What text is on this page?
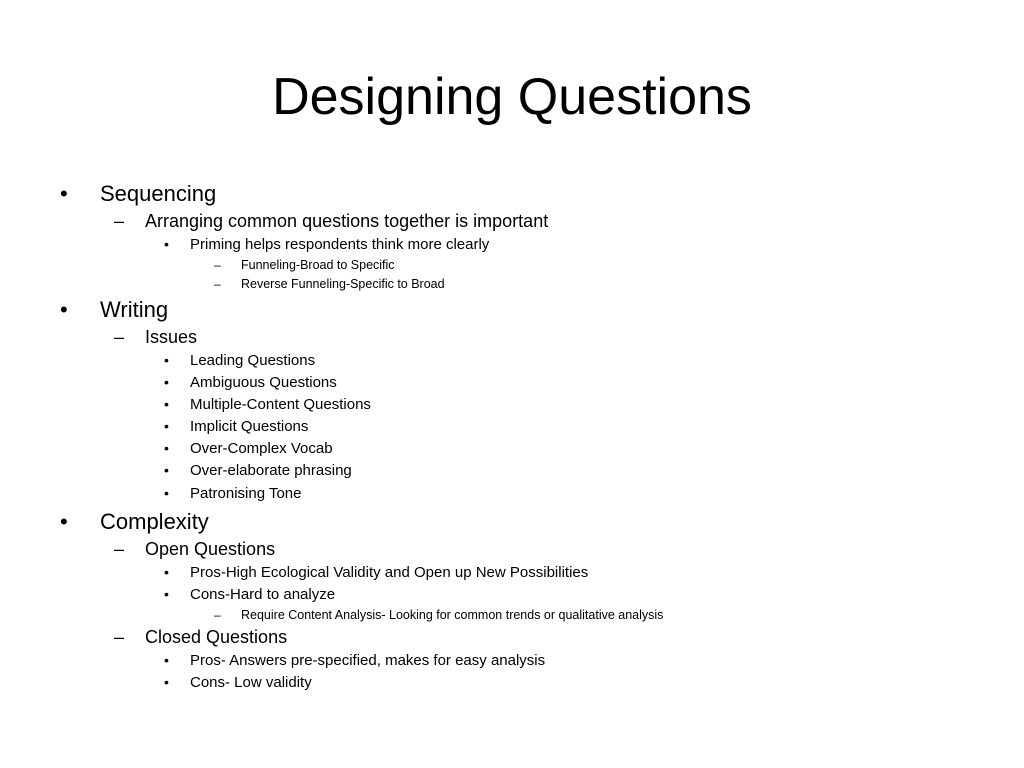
Designing Questions
• Sequencing
– Arranging common questions together is important
• Priming helps respondents think more clearly
– Funneling-Broad to Specific
– Reverse Funneling-Specific to Broad
• Writing
– Issues
• Leading Questions
• Ambiguous Questions
• Multiple-Content Questions
• Implicit Questions
• Over-Complex Vocab
• Over-elaborate phrasing
• Patronising Tone
• Complexity
– Open Questions
• Pros-High Ecological Validity and Open up New Possibilities
• Cons-Hard to analyze
– Require Content Analysis- Looking for common trends or qualitative analysis
– Closed Questions
• Pros- Answers pre-specified, makes for easy analysis
• Cons- Low validity
